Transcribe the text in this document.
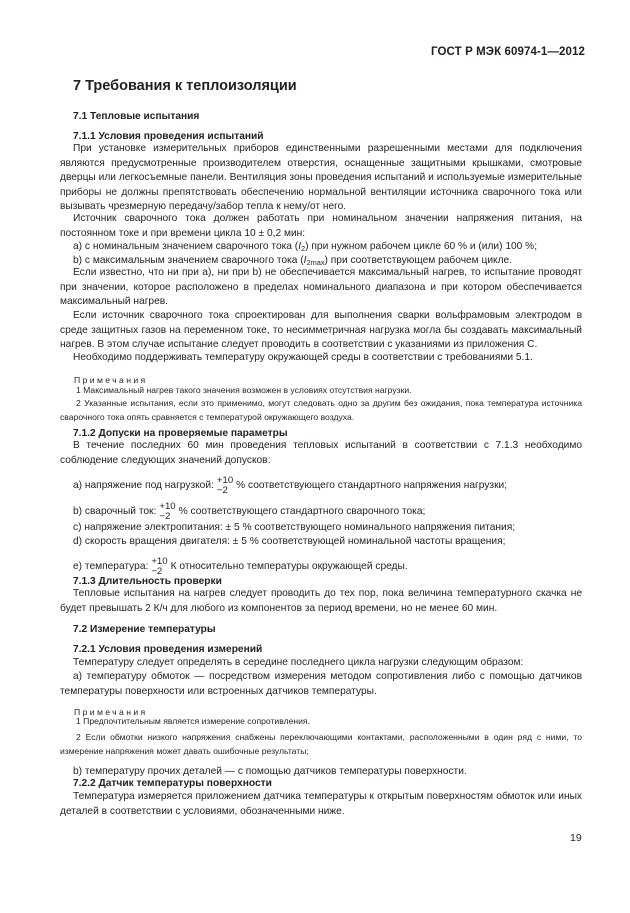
ГОСТ Р МЭК 60974-1—2012
7 Требования к теплоизоляции
7.1 Тепловые испытания
7.1.1 Условия проведения испытаний
При установке измерительных приборов единственными разрешенными местами для подключения являются предусмотренные производителем отверстия, оснащенные защитными крышками, смотровые дверцы или легкосъемные панели. Вентиляция зоны проведения испытаний и используемые измерительные приборы не должны препятствовать обеспечению нормальной вентиляции источника сварочного тока или вызывать чрезмерную передачу/забор тепла к нему/от него.
Источник сварочного тока должен работать при номинальном значении напряжения питания, на постоянном токе и при времени цикла 10 ± 0,2 мин:
а) с номинальным значением сварочного тока $(I_2)$ при нужном рабочем цикле 60 % и (или) 100 %;
b) с максимальным значением сварочного тока $(I_{2max})$ при соответствующем рабочем цикле.
Если известно, что ни при а), ни при b) не обеспечивается максимальный нагрев, то испытание проводят при значении, которое расположено в пределах номинального диапазона и при котором обеспечивается максимальный нагрев.
Если источник сварочного тока спроектирован для выполнения сварки вольфрамовым электродом в среде защитных газов на переменном токе, то несимметричная нагрузка могла бы создавать максимальный нагрев. В этом случае испытание следует проводить в соответствии с указаниями из приложения С.
Необходимо поддерживать температуру окружающей среды в соответствии с требованиями 5.1.
Примечания
1 Максимальный нагрев такого значения возможен в условиях отсутствия нагрузки.
2 Указанные испытания, если это применимо, могут следовать одно за другим без ожидания, пока температура источника сварочного тока опять сравняется с температурой окружающего воздуха.
7.1.2 Допуски на проверяемые параметры
В течение последних 60 мин проведения тепловых испытаний в соответствии с 7.1.3 необходимо соблюдение следующих значений допусков:
а) напряжение под нагрузкой: +10
−2 % соответствующего стандартного напряжения нагрузки;
b) сварочный ток: +10
−2 % соответствующего стандартного сварочного тока;
с) напряжение электропитания: ± 5 % соответствующего номинального напряжения питания;
d) скорость вращения двигателя: ± 5 % соответствующей номинальной частоты вращения;
е) температура: +10
−2 К относительно температуры окружающей среды.
7.1.3 Длительность проверки
Тепловые испытания на нагрев следует проводить до тех пор, пока величина температурного скачка не будет превышать 2 К/ч для любого из компонентов за период времени, но не менее 60 мин.
7.2 Измерение температуры
7.2.1 Условия проведения измерений
Температуру следует определять в середине последнего цикла нагрузки следующим образом:
а) температуру обмоток — посредством измерения методом сопротивления либо с помощью датчиков температуры поверхности или встроенных датчиков температуры.
Примечания
1 Предпочтительным является измерение сопротивления.
2 Если обмотки низкого напряжения снабжены переключающими контактами, расположенными в один ряд с ними, то измерение напряжения может давать ошибочные результаты;
b) температуру прочих деталей — с помощью датчиков температуры поверхности.
7.2.2 Датчик температуры поверхности
Температура измеряется приложением датчика температуры к открытым поверхностям обмоток или иных деталей в соответствии с условиями, обозначенными ниже.
19
